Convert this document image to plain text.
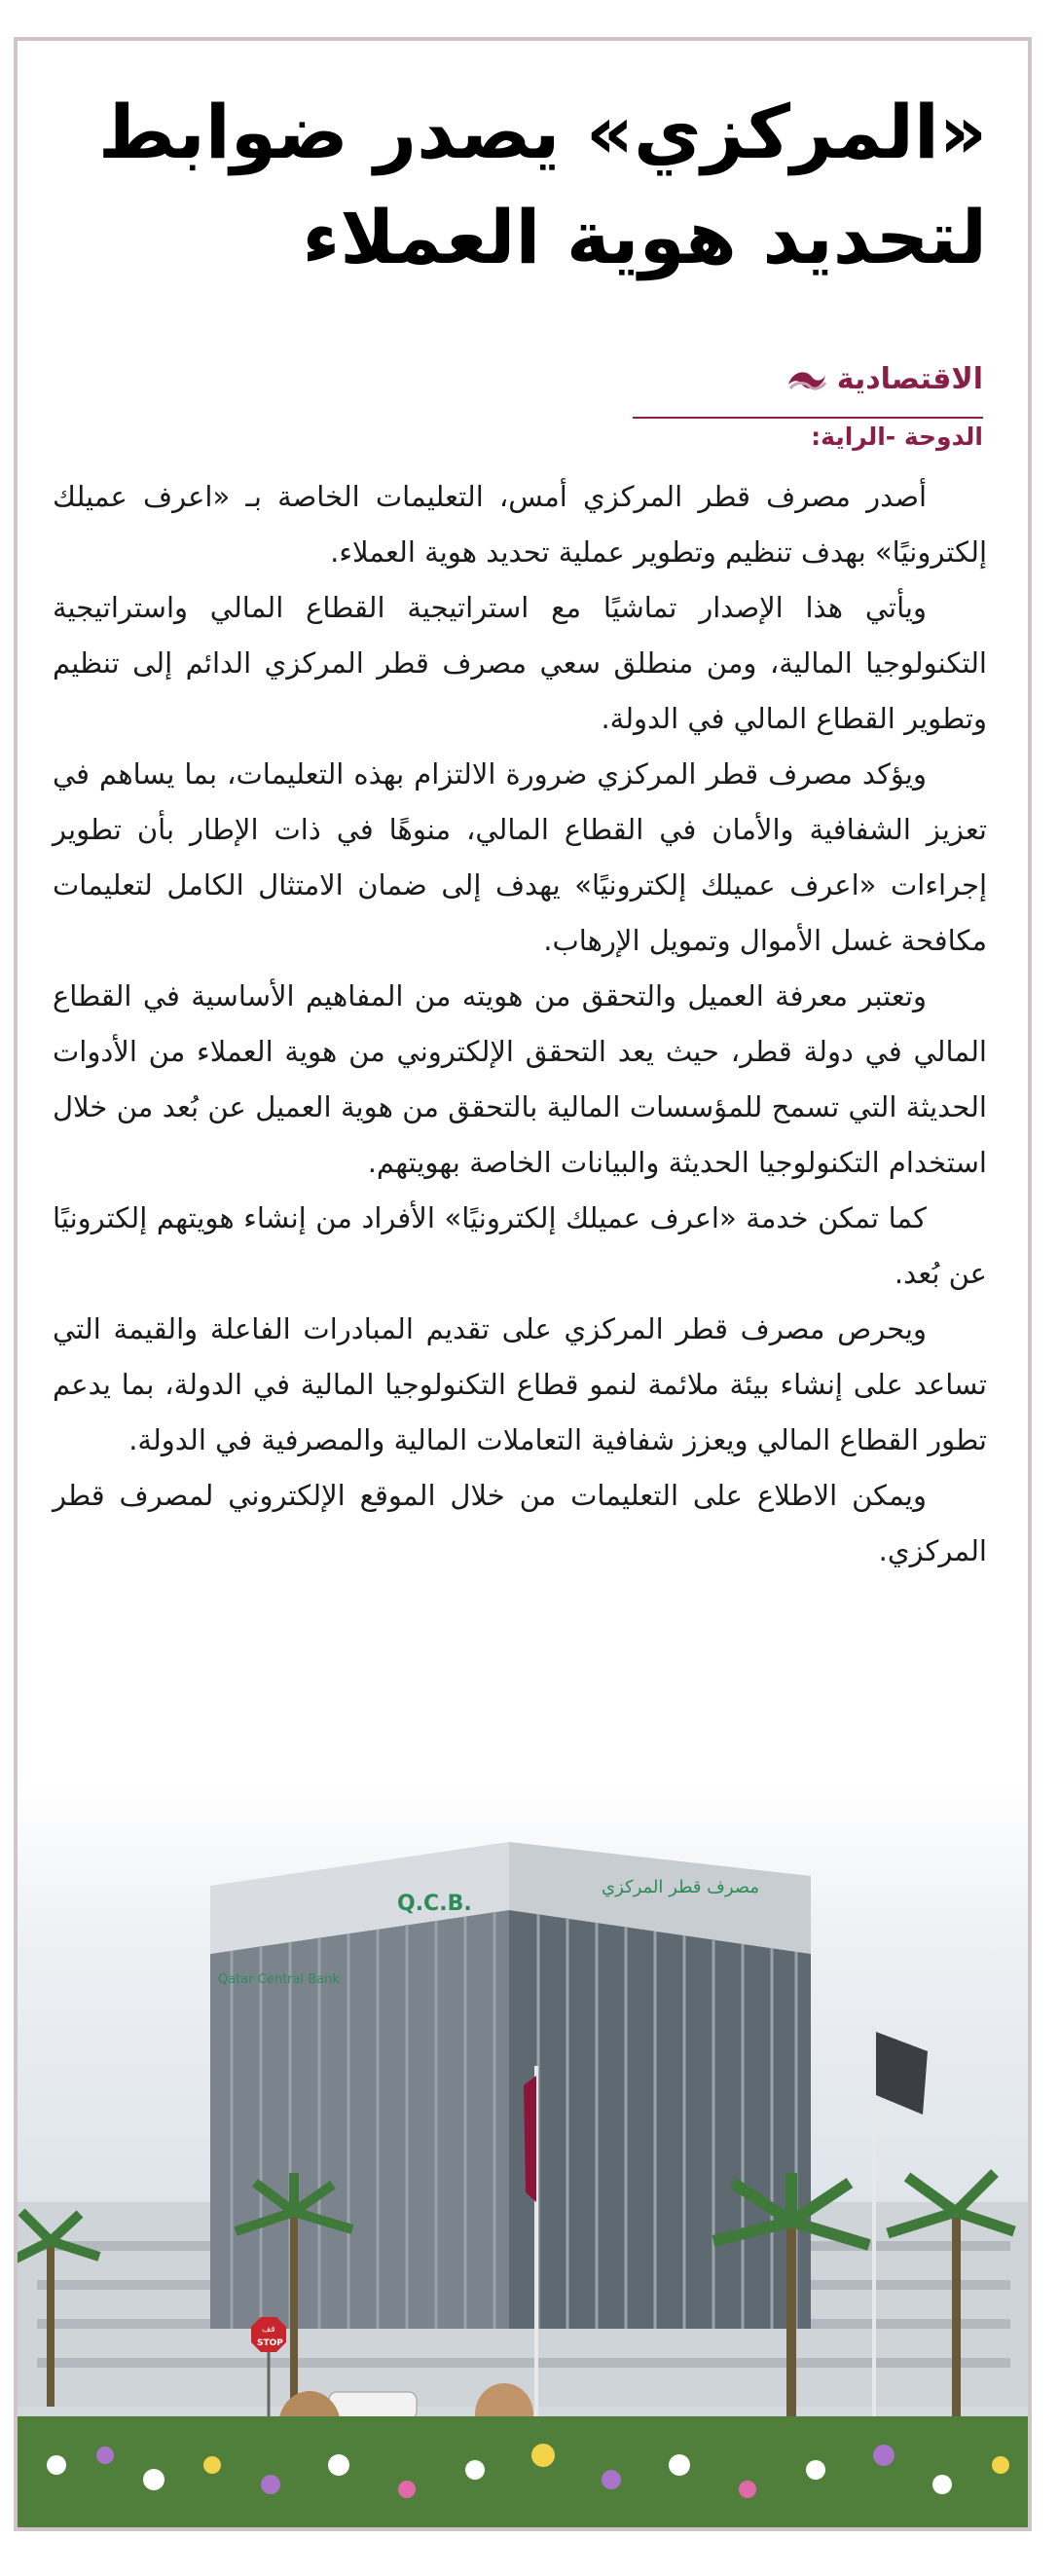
«المركزي» يصدر ضوابط
لتحديد هوية العملاء
الاقتصادية
الدوحة -الراية:

أصدر مصرف قطر المركزي أمس، التعليمات الخاصة بـ «اعرف عميلك إلكترونيًا» بهدف تنظيم وتطوير عملية تحديد هوية العملاء.

ويأتي هذا الإصدار تماشيًا مع استراتيجية القطاع المالي واستراتيجية التكنولوجيا المالية، ومن منطلق سعي مصرف قطر المركزي الدائم إلى تنظيم وتطوير القطاع المالي في الدولة.

ويؤكد مصرف قطر المركزي ضرورة الالتزام بهذه التعليمات، بما يساهم في تعزيز الشفافية والأمان في القطاع المالي، منوهًا في ذات الإطار بأن تطوير إجراءات «اعرف عميلك إلكترونيًا» يهدف إلى ضمان الامتثال الكامل لتعليمات مكافحة غسل الأموال وتمويل الإرهاب.

وتعتبر معرفة العميل والتحقق من هويته من المفاهيم الأساسية في القطاع المالي في دولة قطر، حيث يعد التحقق الإلكتروني من هوية العملاء من الأدوات الحديثة التي تسمح للمؤسسات المالية بالتحقق من هوية العميل عن بُعد من خلال استخدام التكنولوجيا الحديثة والبيانات الخاصة بهويتهم.

كما تمكن خدمة «اعرف عميلك إلكترونيًا» الأفراد من إنشاء هويتهم إلكترونيًا عن بُعد.

ويحرص مصرف قطر المركزي على تقديم المبادرات الفاعلة والقيمة التي تساعد على إنشاء بيئة ملائمة لنمو قطاع التكنولوجيا المالية في الدولة، بما يدعم تطور القطاع المالي ويعزز شفافية التعاملات المالية والمصرفية في الدولة.

ويمكن الاطلاع على التعليمات من خلال الموقع الإلكتروني لمصرف قطر المركزي.

Q.C.B.
مصرف قطر المركزي
Qatar Central Bank
قف
STOP
